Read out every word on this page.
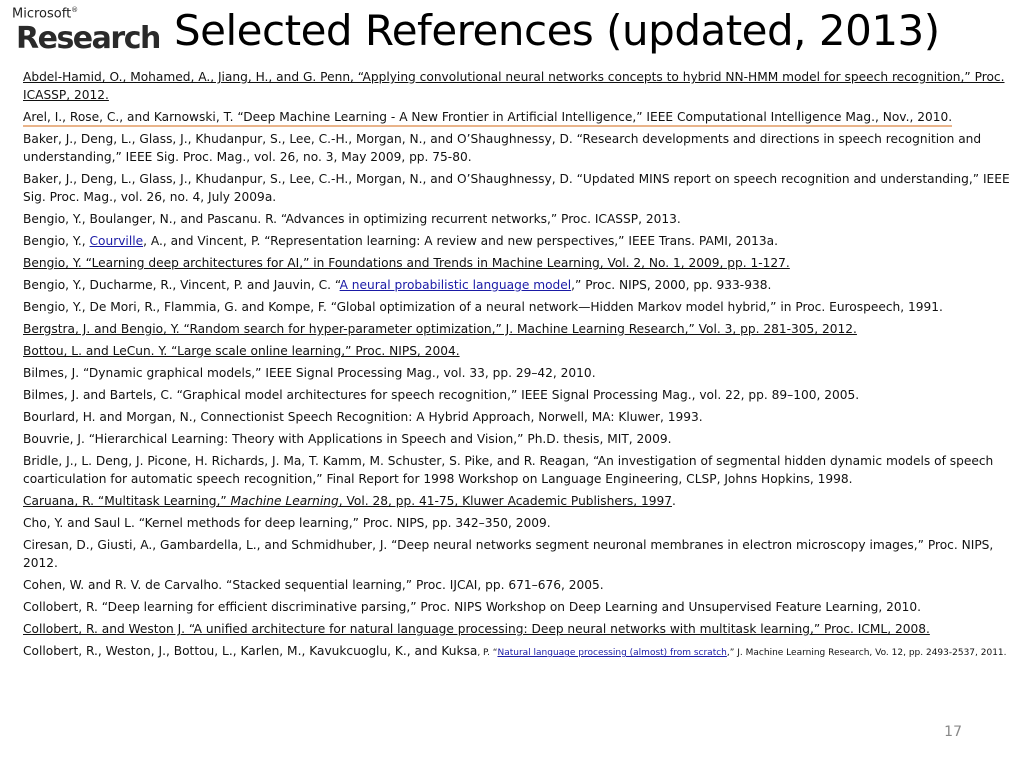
Microsoft®
Research Selected References (updated, 2013)

Abdel-Hamid, O., Mohamed, A., Jiang, H., and G. Penn, “Applying convolutional neural networks concepts to hybrid NN-HMM model for speech recognition,” Proc. ICASSP, 2012.

Arel, I., Rose, C., and Karnowski, T. “Deep Machine Learning - A New Frontier in Artificial Intelligence,” IEEE Computational Intelligence Mag., Nov., 2010.

Baker, J., Deng, L., Glass, J., Khudanpur, S., Lee, C.-H., Morgan, N., and O’Shaughnessy, D. “Research developments and directions in speech recognition and understanding,” IEEE Sig. Proc. Mag., vol. 26, no. 3, May 2009, pp. 75-80.

Baker, J., Deng, L., Glass, J., Khudanpur, S., Lee, C.-H., Morgan, N., and O’Shaughnessy, D. “Updated MINS report on speech recognition and understanding,” IEEE Sig. Proc. Mag., vol. 26, no. 4, July 2009a.

Bengio, Y., Boulanger, N., and Pascanu. R. “Advances in optimizing recurrent networks,” Proc. ICASSP, 2013.

Bengio, Y., Courville, A., and Vincent, P. “Representation learning: A review and new perspectives,” IEEE Trans. PAMI, 2013a.

Bengio, Y. “Learning deep architectures for AI,” in Foundations and Trends in Machine Learning, Vol. 2, No. 1, 2009, pp. 1-127.

Bengio, Y., Ducharme, R., Vincent, P. and Jauvin, C. “A neural probabilistic language model,” Proc. NIPS, 2000, pp. 933-938.

Bengio, Y., De Mori, R., Flammia, G. and Kompe, F. “Global optimization of a neural network—Hidden Markov model hybrid,” in Proc. Eurospeech, 1991.

Bergstra, J. and Bengio, Y. “Random search for hyper-parameter optimization,” J. Machine Learning Research,” Vol. 3, pp. 281-305, 2012.

Bottou, L. and LeCun. Y. “Large scale online learning,” Proc. NIPS, 2004.

Bilmes, J. “Dynamic graphical models,” IEEE Signal Processing Mag., vol. 33, pp. 29–42, 2010.

Bilmes, J. and Bartels, C. “Graphical model architectures for speech recognition,” IEEE Signal Processing Mag., vol. 22, pp. 89–100, 2005.

Bourlard, H. and Morgan, N., Connectionist Speech Recognition: A Hybrid Approach, Norwell, MA: Kluwer, 1993.

Bouvrie, J. “Hierarchical Learning: Theory with Applications in Speech and Vision,” Ph.D. thesis, MIT, 2009.

Bridle, J., L. Deng, J. Picone, H. Richards, J. Ma, T. Kamm, M. Schuster, S. Pike, and R. Reagan, “An investigation of segmental hidden dynamic models of speech coarticulation for automatic speech recognition,” Final Report for 1998 Workshop on Language Engineering, CLSP, Johns Hopkins, 1998.

Caruana, R. “Multitask Learning,” Machine Learning, Vol. 28, pp. 41-75, Kluwer Academic Publishers, 1997.

Cho, Y. and Saul L. “Kernel methods for deep learning,” Proc. NIPS, pp. 342–350, 2009.

Ciresan, D., Giusti, A., Gambardella, L., and Schmidhuber, J. “Deep neural networks segment neuronal membranes in electron microscopy images,” Proc. NIPS, 2012.

Cohen, W. and R. V. de Carvalho. “Stacked sequential learning,” Proc. IJCAI, pp. 671–676, 2005.

Collobert, R. “Deep learning for efficient discriminative parsing,” Proc. NIPS Workshop on Deep Learning and Unsupervised Feature Learning, 2010.

Collobert, R. and Weston J. “A unified architecture for natural language processing: Deep neural networks with multitask learning,” Proc. ICML, 2008.

Collobert, R., Weston, J., Bottou, L., Karlen, M., Kavukcuoglu, K., and Kuksa, P. “Natural language processing (almost) from scratch,” J. Machine Learning Research, Vo. 12, pp. 2493-2537, 2011.

17
